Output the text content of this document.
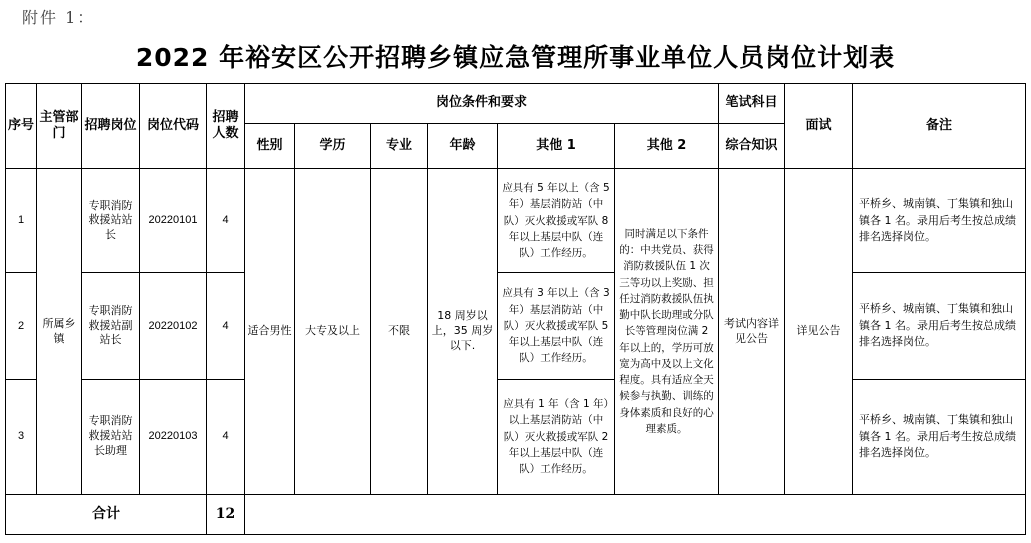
附件 1：
2022 年裕安区公开招聘乡镇应急管理所事业单位人员岗位计划表
序号	主管部门	招聘岗位	岗位代码	招聘人数	岗位条件和要求						笔试科目	面试	备注
					性别	学历	专业	年龄	其他 1	其他 2	综合知识		
1	所属乡镇	专职消防救援站站长	20220101	4	适合男性	大专及以上	不限	18 周岁以上，35 周岁以下.	应具有 5 年以上（含 5 年）基层消防站（中队）灭火救援或军队 8 年以上基层中队（连队）工作经历。	同时满足以下条件的：中共党员、获得消防救援队伍 1 次三等功以上奖励、担任过消防救援队伍执勤中队长助理或分队长等管理岗位满 2 年以上的，学历可放宽为高中及以上文化程度。具有适应全天候参与执勤、训练的身体素质和良好的心理素质。	考试内容详见公告	详见公告	平桥乡、城南镇、丁集镇和独山镇各 1 名。录用后考生按总成绩排名选择岗位。
2		专职消防救援站副站长	20220102	4					应具有 3 年以上（含 3 年）基层消防站（中队）灭火救援或军队 5 年以上基层中队（连队）工作经历。				平桥乡、城南镇、丁集镇和独山镇各 1 名。录用后考生按总成绩排名选择岗位。
3		专职消防救援站站长助理	20220103	4					应具有 1 年（含 1 年）以上基层消防站（中队）灭火救援或军队 2 年以上基层中队（连队）工作经历。				平桥乡、城南镇、丁集镇和独山镇各 1 名。录用后考生按总成绩排名选择岗位。
合计				12									
